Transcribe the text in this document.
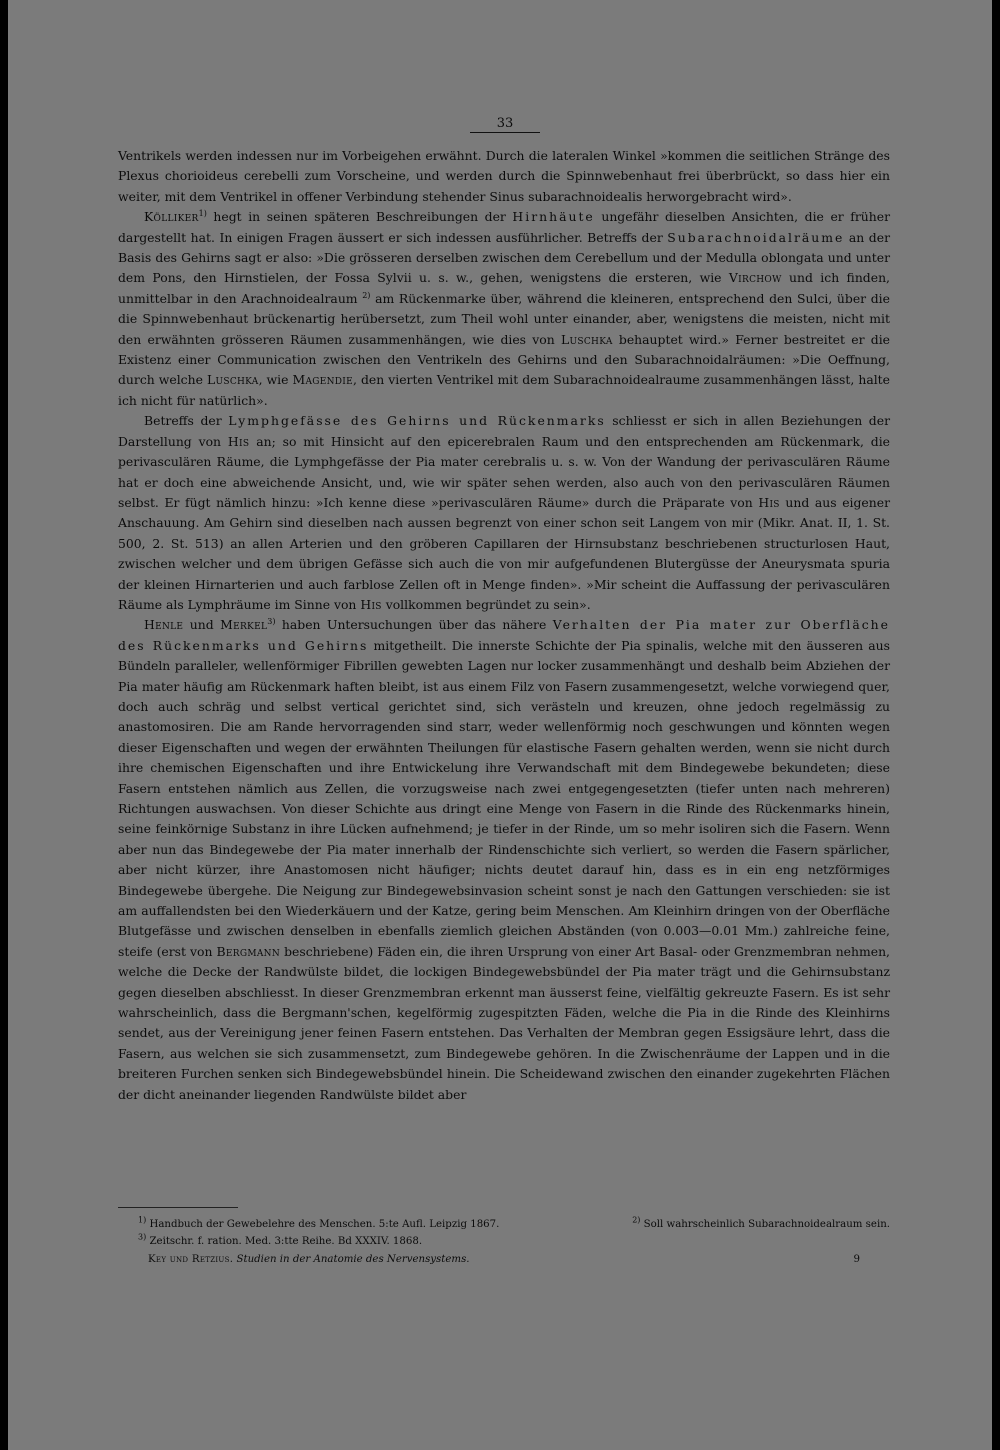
33

Ventrikels werden indessen nur im Vorbeigehen erwähnt. Durch die lateralen Winkel »kommen die seitlichen Stränge des Plexus chorioideus cerebelli zum Vorscheine, und werden durch die Spinnwebenhaut frei überbrückt, so dass hier ein weiter, mit dem Ventrikel in offener Verbindung stehender Sinus subarachnoidealis herworgebracht wird».

Kölliker$^{1)}$ hegt in seinen späteren Beschreibungen der Hirnhäute ungefähr dieselben Ansichten, die er früher dargestellt hat. In einigen Fragen äussert er sich indessen ausführlicher. Betreffs der Subarachnoidalräume an der Basis des Gehirns sagt er also: »Die grösseren derselben zwischen dem Cerebellum und der Medulla oblongata und unter dem Pons, den Hirnstielen, der Fossa Sylvii u. s. w., gehen, wenigstens die ersteren, wie Virchow und ich finden, unmittelbar in den Arachnoidealraum $^{2)}$ am Rückenmarke über, während die kleineren, entsprechend den Sulci, über die die Spinnwebenhaut brückenartig herübersetzt, zum Theil wohl unter einander, aber, wenigstens die meisten, nicht mit den erwähnten grösseren Räumen zusammenhängen, wie dies von Luschka behauptet wird.» Ferner bestreitet er die Existenz einer Communication zwischen den Ventrikeln des Gehirns und den Subarachnoidalräumen: »Die Oeffnung, durch welche Luschka, wie Magendie, den vierten Ventrikel mit dem Subarachnoidealraume zusammenhängen lässt, halte ich nicht für natürlich».

Betreffs der Lymphgefässe des Gehirns und Rückenmarks schliesst er sich in allen Beziehungen der Darstellung von His an; so mit Hinsicht auf den epicerebralen Raum und den entsprechenden am Rückenmark, die perivasculären Räume, die Lymphgefässe der Pia mater cerebralis u. s. w. Von der Wandung der perivasculären Räume hat er doch eine abweichende Ansicht, und, wie wir später sehen werden, also auch von den perivasculären Räumen selbst. Er fügt nämlich hinzu: »Ich kenne diese »perivasculären Räume» durch die Präparate von His und aus eigener Anschauung. Am Gehirn sind dieselben nach aussen begrenzt von einer schon seit Langem von mir (Mikr. Anat. II, 1. St. 500, 2. St. 513) an allen Arterien und den gröberen Capillaren der Hirnsubstanz beschriebenen structurlosen Haut, zwischen welcher und dem übrigen Gefässe sich auch die von mir aufgefundenen Blutergüsse der Aneurysmata spuria der kleinen Hirnarterien und auch farblose Zellen oft in Menge finden». »Mir scheint die Auffassung der perivasculären Räume als Lymphräume im Sinne von His vollkommen begründet zu sein».

Henle und Merkel$^{3)}$ haben Untersuchungen über das nähere Verhalten der Pia mater zur Oberfläche des Rückenmarks und Gehirns mitgetheilt. Die innerste Schichte der Pia spinalis, welche mit den äusseren aus Bündeln paralleler, wellenförmiger Fibrillen gewebten Lagen nur locker zusammenhängt und deshalb beim Abziehen der Pia mater häufig am Rückenmark haften bleibt, ist aus einem Filz von Fasern zusammengesetzt, welche vorwiegend quer, doch auch schräg und selbst vertical gerichtet sind, sich verästeln und kreuzen, ohne jedoch regelmässig zu anastomosiren. Die am Rande hervorragenden sind starr, weder wellenförmig noch geschwungen und könnten wegen dieser Eigenschaften und wegen der erwähnten Theilungen für elastische Fasern gehalten werden, wenn sie nicht durch ihre chemischen Eigenschaften und ihre Entwickelung ihre Verwandschaft mit dem Bindegewebe bekundeten; diese Fasern entstehen nämlich aus Zellen, die vorzugsweise nach zwei entgegengesetzten (tiefer unten nach mehreren) Richtungen auswachsen. Von dieser Schichte aus dringt eine Menge von Fasern in die Rinde des Rückenmarks hinein, seine feinkörnige Substanz in ihre Lücken aufnehmend; je tiefer in der Rinde, um so mehr isoliren sich die Fasern. Wenn aber nun das Bindegewebe der Pia mater innerhalb der Rindenschichte sich verliert, so werden die Fasern spärlicher, aber nicht kürzer, ihre Anastomosen nicht häufiger; nichts deutet darauf hin, dass es in ein eng netzförmiges Bindegewebe übergehe. Die Neigung zur Bindegewebsinvasion scheint sonst je nach den Gattungen verschieden: sie ist am auffallendsten bei den Wiederkäuern und der Katze, gering beim Menschen. Am Kleinhirn dringen von der Oberfläche Blutgefässe und zwischen denselben in ebenfalls ziemlich gleichen Abständen (von 0.003—0.01 Mm.) zahlreiche feine, steife (erst von Bergmann beschriebene) Fäden ein, die ihren Ursprung von einer Art Basal- oder Grenzmembran nehmen, welche die Decke der Randwülste bildet, die lockigen Bindegewebsbündel der Pia mater trägt und die Gehirnsubstanz gegen dieselben abschliesst. In dieser Grenzmembran erkennt man äusserst feine, vielfältig gekreuzte Fasern. Es ist sehr wahrscheinlich, dass die Bergmann'schen, kegelförmig zugespitzten Fäden, welche die Pia in die Rinde des Kleinhirns sendet, aus der Vereinigung jener feinen Fasern entstehen. Das Verhalten der Membran gegen Essigsäure lehrt, dass die Fasern, aus welchen sie sich zusammensetzt, zum Bindegewebe gehören. In die Zwischenräume der Lappen und in die breiteren Furchen senken sich Bindegewebsbündel hinein. Die Scheidewand zwischen den einander zugekehrten Flächen der dicht aneinander liegenden Randwülste bildet aber

$^{1)}$ Handbuch der Gewebelehre des Menschen. 5:te Aufl. Leipzig 1867.	$^{2)}$ Soll wahrscheinlich Subarachnoidealraum sein.
$^{3)}$ Zeitschr. f. ration. Med. 3:tte Reihe. Bd XXXIV. 1868.
Key und Retzius. Studien in der Anatomie des Nervensystems.	9
